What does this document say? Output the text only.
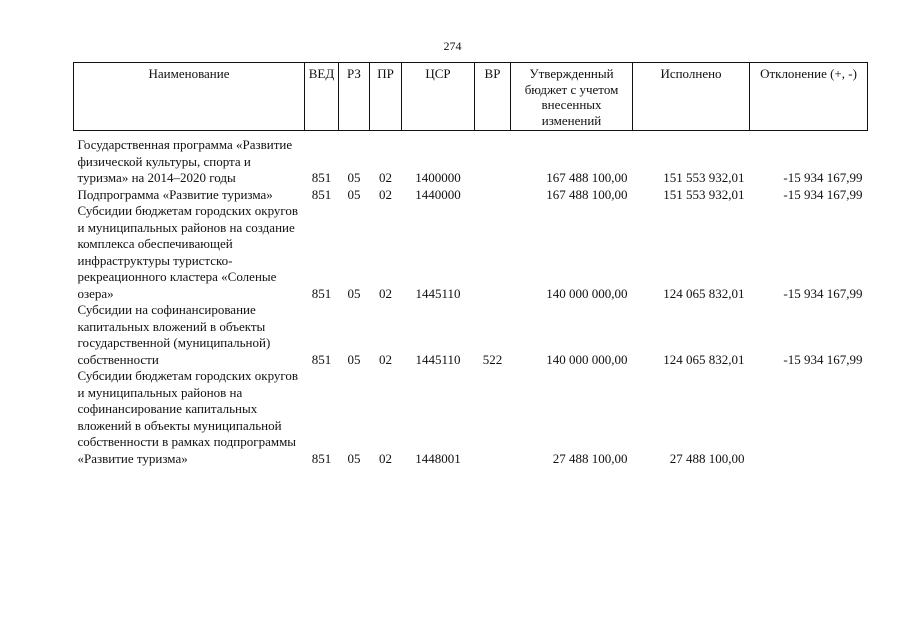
274
Наименование	ВЕД	РЗ	ПР	ЦСР	ВР	Утвержденный бюджет с учетом внесенных изменений	Исполнено	Отклонение (+, -)
Государственная программа «Развитие физической культуры, спорта и туризма» на 2014–2020 годы	851	05	02	1400000		167 488 100,00	151 553 932,01	-15 934 167,99
Подпрограмма «Развитие туризма»	851	05	02	1440000		167 488 100,00	151 553 932,01	-15 934 167,99
Субсидии бюджетам городских округов и муниципальных районов на создание комплекса обеспечивающей инфраструктуры туристско-рекреационного кластера «Соленые озера»	851	05	02	1445110		140 000 000,00	124 065 832,01	-15 934 167,99
Субсидии на софинансирование капитальных вложений в объекты государственной (муниципальной) собственности	851	05	02	1445110	522	140 000 000,00	124 065 832,01	-15 934 167,99
Субсидии бюджетам городских округов и муниципальных районов на софинансирование капитальных вложений в объекты муниципальной собственности в рамках подпрограммы «Развитие туризма»	851	05	02	1448001		27 488 100,00	27 488 100,00	
